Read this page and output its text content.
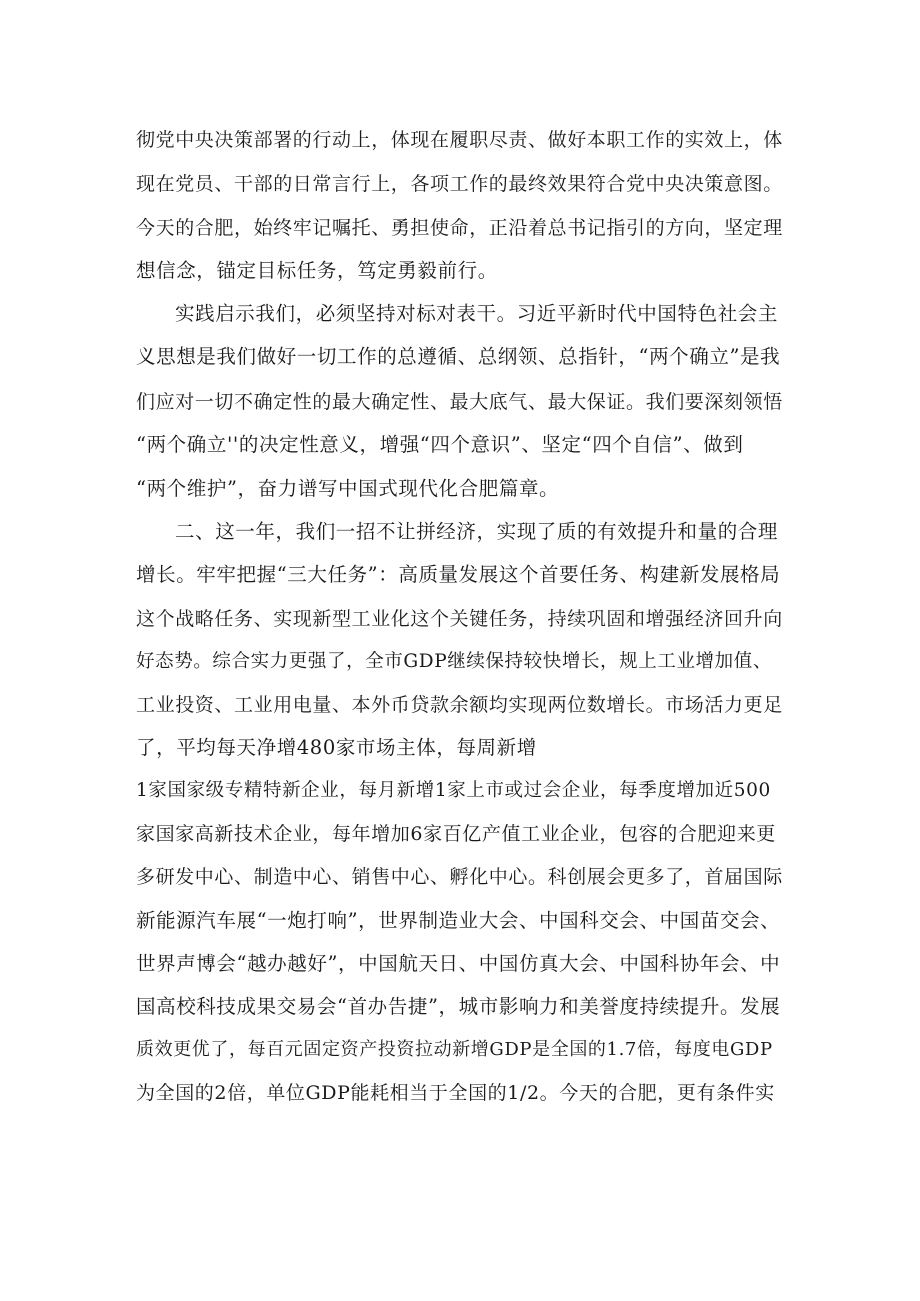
彻党中央决策部署的行动上，体现在履职尽责、做好本职工作的实效上，体
现在党员、干部的日常言行上，各项工作的最终效果符合党中央决策意图。
今天的合肥，始终牢记嘱托、勇担使命，正沿着总书记指引的方向，坚定理
想信念，锚定目标任务，笃定勇毅前行。
实践启示我们，必须坚持对标对表干。习近平新时代中国特色社会主
义思想是我们做好一切工作的总遵循、总纲领、总指针，“两个确立”是我
们应对一切不确定性的最大确定性、最大底气、最大保证。我们要深刻领悟
“两个确立''的决定性意义，增强“四个意识”、坚定“四个自信”、做到
“两个维护”，奋力谱写中国式现代化合肥篇章。
二、这一年，我们一招不让拼经济，实现了质的有效提升和量的合理
增长。牢牢把握“三大任务”：高质量发展这个首要任务、构建新发展格局
这个战略任务、实现新型工业化这个关键任务，持续巩固和增强经济回升向
好态势。综合实力更强了，全市GDP继续保持较快增长，规上工业增加值、
工业投资、工业用电量、本外币贷款余额均实现两位数增长。市场活力更足
了，平均每天净增480家市场主体，每周新增
1家国家级专精特新企业，每月新增1家上市或过会企业，每季度增加近500
家国家高新技术企业，每年增加6家百亿产值工业企业，包容的合肥迎来更
多研发中心、制造中心、销售中心、孵化中心。科创展会更多了，首届国际
新能源汽车展“一炮打响”，世界制造业大会、中国科交会、中国苗交会、
世界声博会“越办越好”，中国航天日、中国仿真大会、中国科协年会、中
国高校科技成果交易会“首办告捷”，城市影响力和美誉度持续提升。发展
质效更优了，每百元固定资产投资拉动新增GDP是全国的1.7倍，每度电GDP
为全国的2倍，单位GDP能耗相当于全国的1/2。今天的合肥，更有条件实
